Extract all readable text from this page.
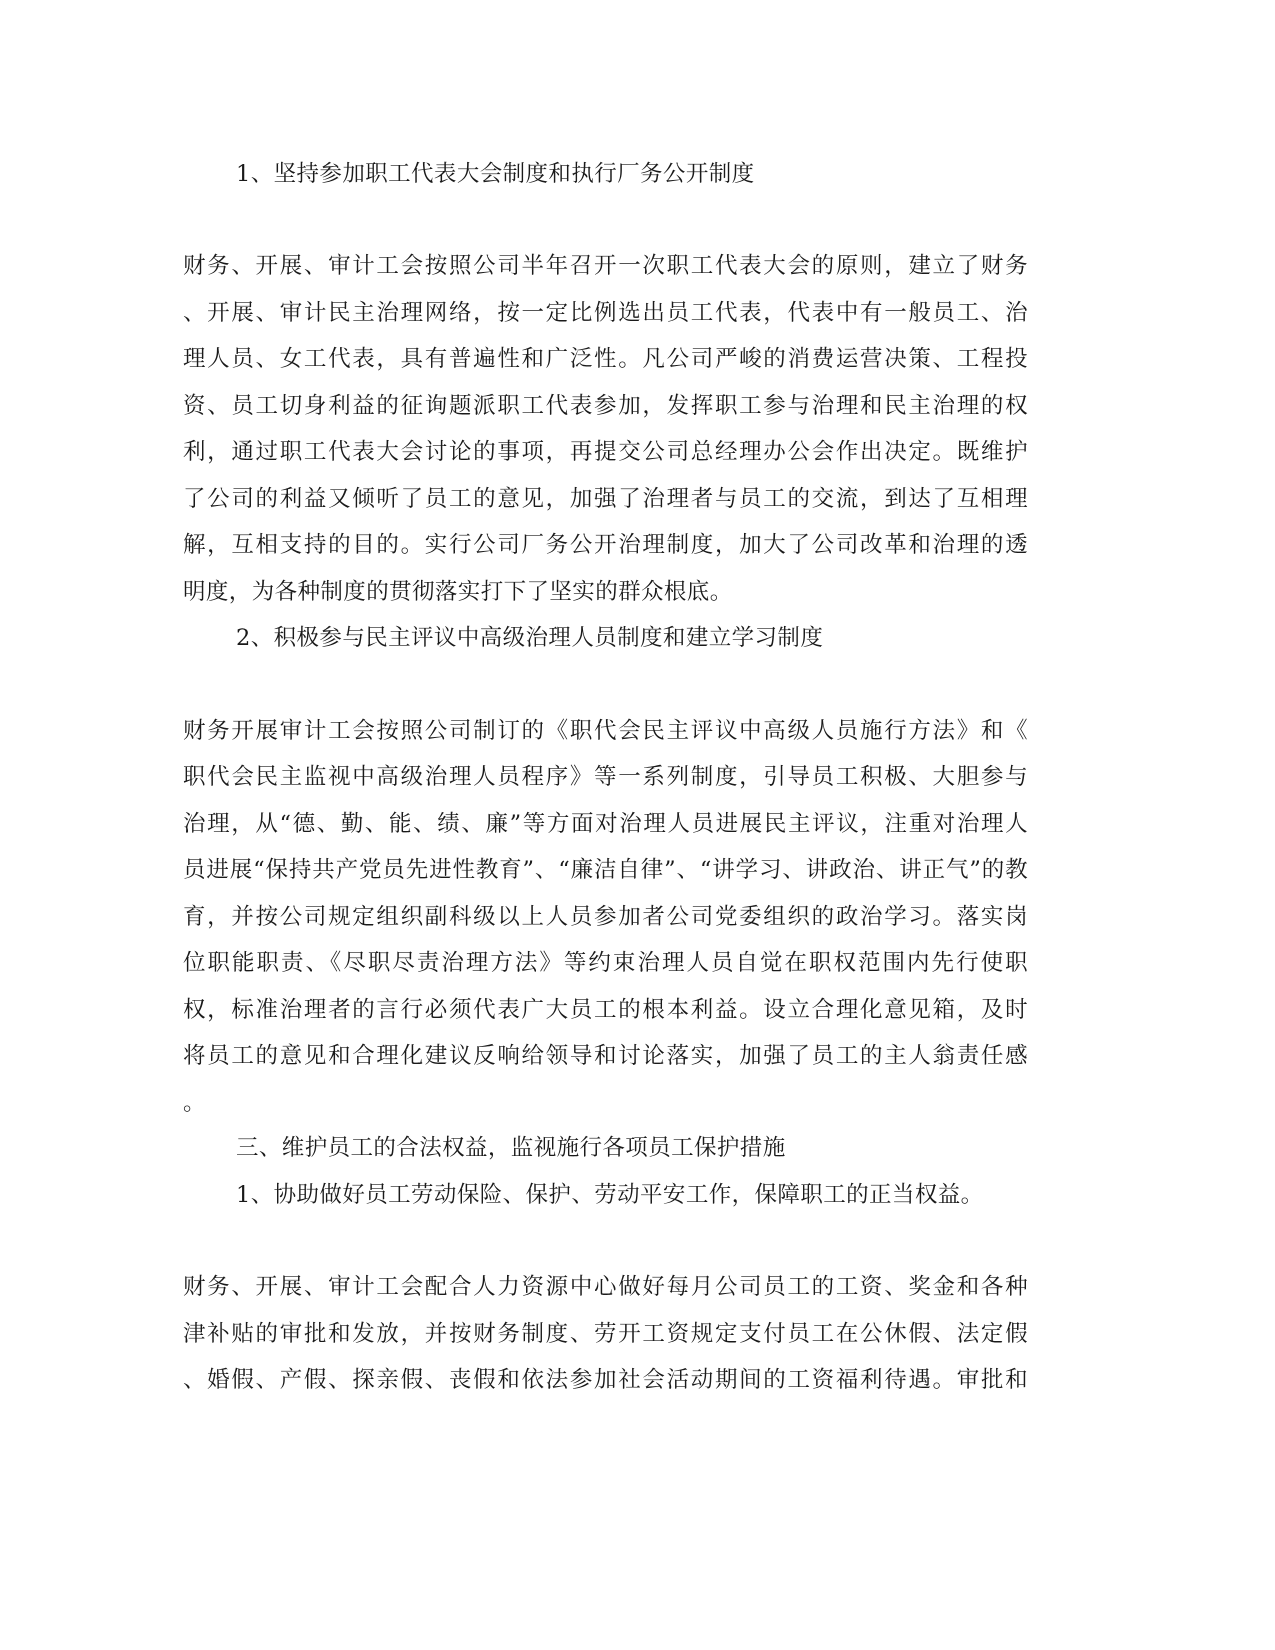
1、坚持参加职工代表大会制度和执行厂务公开制度
财务、开展、审计工会按照公司半年召开一次职工代表大会的原则，建立了财务
、开展、审计民主治理网络，按一定比例选出员工代表，代表中有一般员工、治
理人员、女工代表，具有普遍性和广泛性。凡公司严峻的消费运营决策、工程投
资、员工切身利益的征询题派职工代表参加，发挥职工参与治理和民主治理的权
利，通过职工代表大会讨论的事项，再提交公司总经理办公会作出决定。既维护
了公司的利益又倾听了员工的意见，加强了治理者与员工的交流，到达了互相理
解，互相支持的目的。实行公司厂务公开治理制度，加大了公司改革和治理的透
明度，为各种制度的贯彻落实打下了坚实的群众根底。
2、积极参与民主评议中高级治理人员制度和建立学习制度
财务开展审计工会按照公司制订的《职代会民主评议中高级人员施行方法》和《
职代会民主监视中高级治理人员程序》等一系列制度，引导员工积极、大胆参与
治理，从“德、勤、能、绩、廉”等方面对治理人员进展民主评议，注重对治理人
员进展“保持共产党员先进性教育”、“廉洁自律”、“讲学习、讲政治、讲正气”的教
育，并按公司规定组织副科级以上人员参加者公司党委组织的政治学习。落实岗
位职能职责、《尽职尽责治理方法》等约束治理人员自觉在职权范围内先行使职
权，标准治理者的言行必须代表广大员工的根本利益。设立合理化意见箱，及时
将员工的意见和合理化建议反响给领导和讨论落实，加强了员工的主人翁责任感
。
三、维护员工的合法权益，监视施行各项员工保护措施
1、协助做好员工劳动保险、保护、劳动平安工作，保障职工的正当权益。
财务、开展、审计工会配合人力资源中心做好每月公司员工的工资、奖金和各种
津补贴的审批和发放，并按财务制度、劳开工资规定支付员工在公休假、法定假
、婚假、产假、探亲假、丧假和依法参加社会活动期间的工资福利待遇。审批和
